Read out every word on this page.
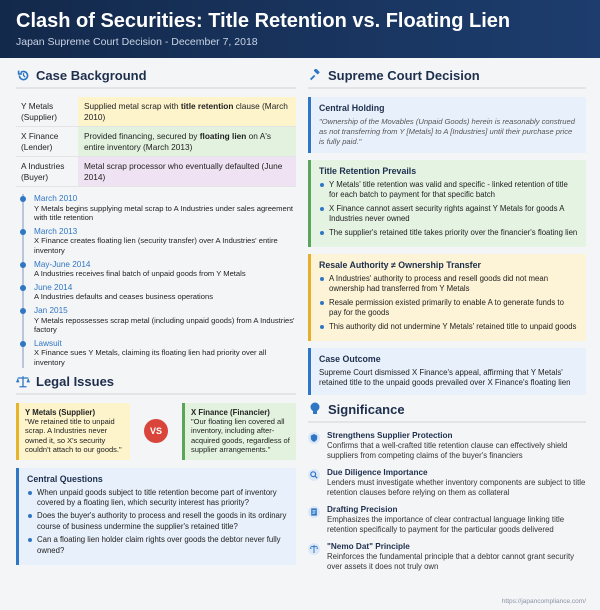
Clash of Securities: Title Retention vs. Floating Lien
Japan Supreme Court Decision - December 7, 2018
Case Background
Y Metals (Supplier)
Supplied metal scrap with title retention clause (March 2010)
X Finance (Lender)
Provided financing, secured by floating lien on A's entire inventory (March 2013)
A Industries (Buyer)
Metal scrap processor who eventually defaulted (June 2014)
March 2010
Y Metals begins supplying metal scrap to A Industries under sales agreement with title retention
March 2013
X Finance creates floating lien (security transfer) over A Industries' entire inventory
May-June 2014
A Industries receives final batch of unpaid goods from Y Metals
June 2014
A Industries defaults and ceases business operations
Jan 2015
Y Metals repossesses scrap metal (including unpaid goods) from A Industries' factory
Lawsuit
X Finance sues Y Metals, claiming its floating lien had priority over all inventory
Legal Issues
Y Metals (Supplier)
"We retained title to unpaid scrap. A Industries never owned it, so X's security couldn't attach to our goods."
VS
X Finance (Financier)
"Our floating lien covered all inventory, including after-acquired goods, regardless of supplier arrangements."
Central Questions
When unpaid goods subject to title retention become part of inventory covered by a floating lien, which security interest has priority?
Does the buyer's authority to process and resell the goods in its ordinary course of business undermine the supplier's retained title?
Can a floating lien holder claim rights over goods the debtor never fully owned?
Supreme Court Decision
Central Holding
"Ownership of the Movables (Unpaid Goods) herein is reasonably construed as not transferring from Y [Metals] to A [Industries] until their purchase price is fully paid."
Title Retention Prevails
Y Metals' title retention was valid and specific - linked retention of title for each batch to payment for that specific batch
X Finance cannot assert security rights against Y Metals for goods A Industries never owned
The supplier's retained title takes priority over the financier's floating lien
Resale Authority ≠ Ownership Transfer
A Industries' authority to process and resell goods did not mean ownership had transferred from Y Metals
Resale permission existed primarily to enable A to generate funds to pay for the goods
This authority did not undermine Y Metals' retained title to unpaid goods
Case Outcome
Supreme Court dismissed X Finance's appeal, affirming that Y Metals' retained title to the unpaid goods prevailed over X Finance's floating lien
Significance
Strengthens Supplier Protection
Confirms that a well-crafted title retention clause can effectively shield suppliers from competing claims of the buyer's financiers
Due Diligence Importance
Lenders must investigate whether inventory components are subject to title retention clauses before relying on them as collateral
Drafting Precision
Emphasizes the importance of clear contractual language linking title retention specifically to payment for the particular goods delivered
"Nemo Dat" Principle
Reinforces the fundamental principle that a debtor cannot grant security over assets it does not truly own
https://japancompliance.com/
